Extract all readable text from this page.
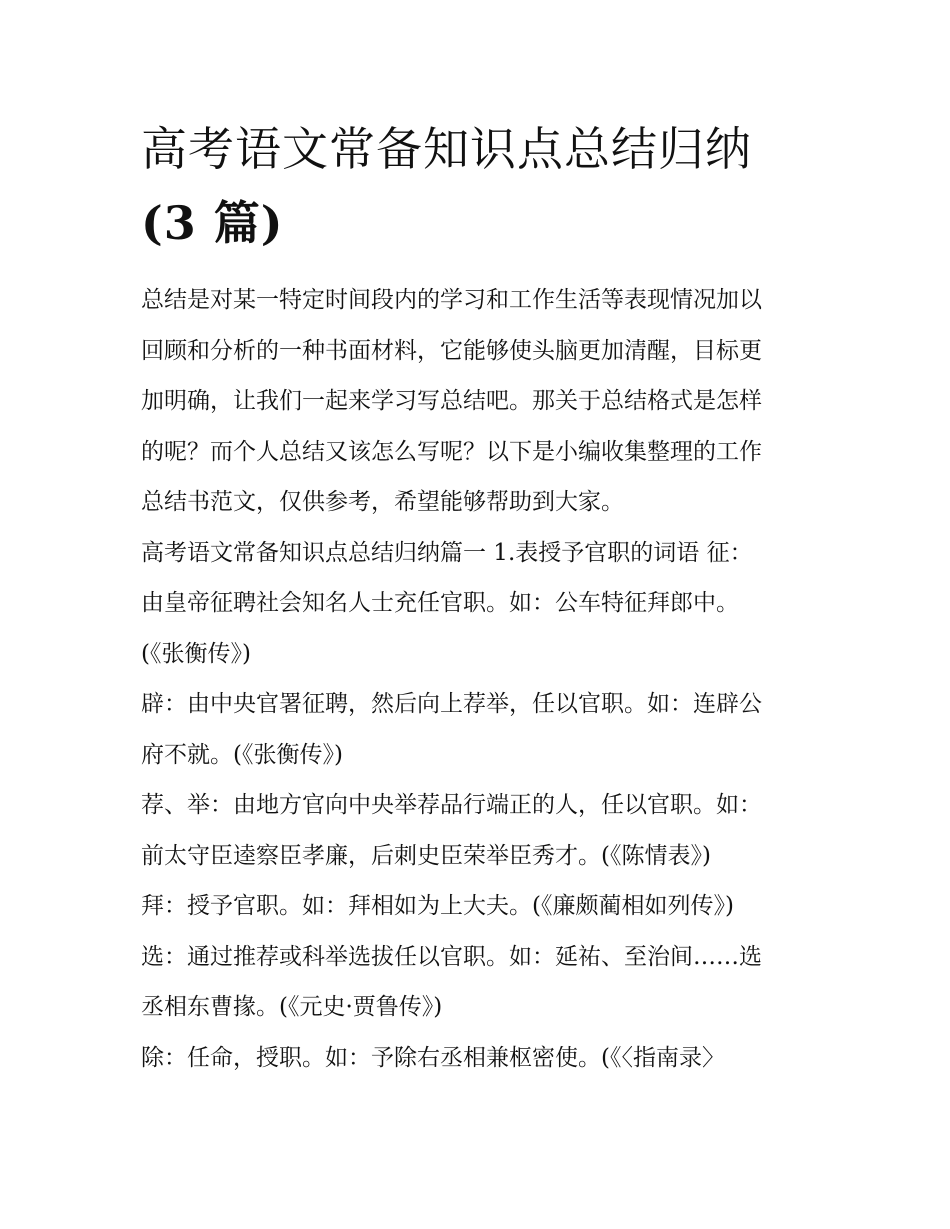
高考语文常备知识点总结归纳
(3 篇)
总结是对某一特定时间段内的学习和工作生活等表现情况加以
回顾和分析的一种书面材料，它能够使头脑更加清醒，目标更
加明确，让我们一起来学习写总结吧。那关于总结格式是怎样
的呢？而个人总结又该怎么写呢？以下是小编收集整理的工作
总结书范文，仅供参考，希望能够帮助到大家。
高考语文常备知识点总结归纳篇一 1.表授予官职的词语 征：
由皇帝征聘社会知名人士充任官职。如：公车特征拜郎中。
(《张衡传》)
辟：由中央官署征聘，然后向上荐举，任以官职。如：连辟公
府不就。(《张衡传》)
荐、举：由地方官向中央举荐品行端正的人，任以官职。如：
前太守臣逵察臣孝廉，后刺史臣荣举臣秀才。(《陈情表》)
拜：授予官职。如：拜相如为上大夫。(《廉颇蔺相如列传》)
选：通过推荐或科举选拔任以官职。如：延祐、至治间……选
丞相东曹掾。(《元史·贾鲁传》)
除：任命，授职。如：予除右丞相兼枢密使。(《〈指南录〉
